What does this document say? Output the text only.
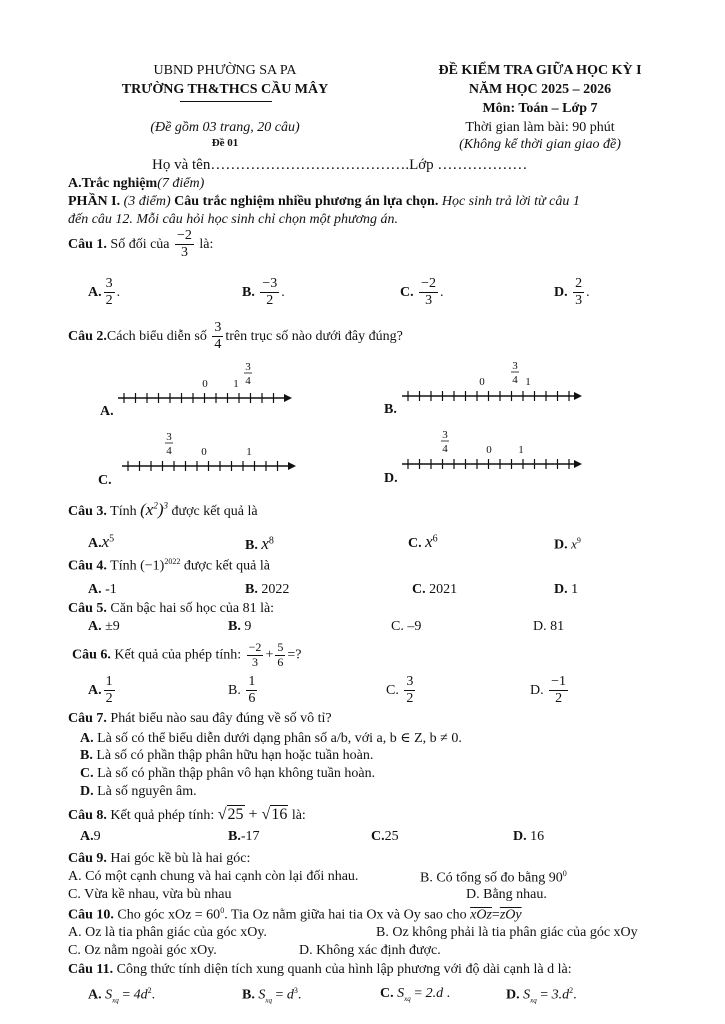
UBND PHƯỜNG SA PA
TRƯỜNG TH&THCS CẦU MÂY
(Đề gồm 03 trang, 20 câu)
Đề 01
ĐỀ KIỂM TRA GIỮA HỌC KỲ I
NĂM HỌC 2025 – 2026
Môn: Toán – Lớp 7
Thời gian làm bài: 90 phút
(Không kể thời gian giao đề)
Họ và tên………………………………….Lớp ………………
A.Trắc nghiệm(7 điểm)
PHẦN I. (3 điểm) Câu trắc nghiệm nhiều phương án lựa chọn. Học sinh trả lời từ câu 1
đến câu 12. Mỗi câu hỏi học sinh chỉ chọn một phương án.
Câu 1. Số đối của $\frac{-2}{3}$ là:
A. $\frac{3}{2}$ .	B. $\frac{-3}{2}$ .	C. $\frac{-2}{3}$ .	D. $\frac{2}{3}$ .
Câu 2.Cách biểu diễn số $\frac{3}{4}$ trên trục số nào dưới đây đúng?
0 1
3
4	0	1
3
4
0	1
3
4	0 1
3
4
A.	B.
C.	D.
Câu 3. Tính $(x^2)^3$ được kết quả là
$A.x^5$	B. $x^8$	C. $x^6$	D. $x^9$
Câu 4. Tính $(-1)^{2022}$ được kết quả là
A. -1	B. 2022	C. 2021	D. 1
Câu 5. Căn bậc hai số học của 81 là:
A. ±9	B. 9	C. –9	D. 81
Câu 6. Kết quả của phép tính: $\frac{-2}{3} + \frac{5}{6}$ =?
A. $\frac{1}{2}$	B. $\frac{1}{6}$	C. $\frac{3}{2}$	D. $\frac{-1}{2}$
Câu 7. Phát biểu nào sau đây đúng về số vô tỉ?
A. Là số có thể biểu diễn dưới dạng phân số a/b, với a, b ∈ Z, b ≠ 0.
B. Là số có phần thập phân hữu hạn hoặc tuần hoàn.
C. Là số có phần thập phân vô hạn không tuần hoàn.
D. Là số nguyên âm.
Câu 8. Kết quả phép tính: √25 + √16 là:
A.9	B.-17	C.25	D. 16
Câu 9. Hai góc kề bù là hai góc:
A. Có một cạnh chung và hai cạnh còn lại đối nhau.	B. Có tổng số đo bằng $90^0$
C. Vừa kề nhau, vừa bù nhau	D. Bằng nhau.
Câu 10. Cho góc xOz = $60^0$. Tia Oz nằm giữa hai tia Ox và Oy sao cho $\overline{xOz}=\overline{zOy}$
A. Oz là tia phân giác của góc xOy.	B. Oz không phải là tia phân giác của góc xOy
C. Oz nằm ngoài góc xOy.	D. Không xác định được.
Câu 11. Công thức tính diện tích xung quanh của hình lập phương với độ dài cạnh là d là:
A. $S_{xq} = 4d^2$.	B. $S_{xq} = d^3$.	C. $S_{xq} = 2.d$ .	D. $S_{xq} = 3.d^2$.
